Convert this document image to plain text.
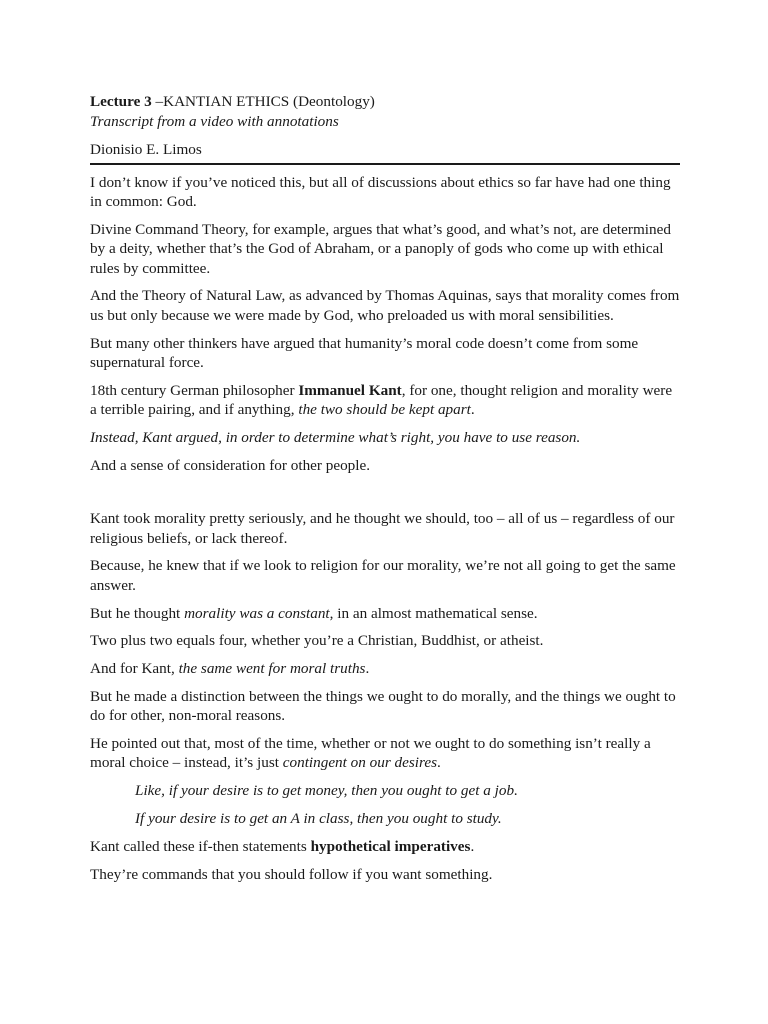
Lecture 3 –KANTIAN ETHICS (Deontology)
Transcript from a video with annotations
Dionisio E. Limos

I don’t know if you’ve noticed this, but all of discussions about ethics so far have had one thing in common: God.

Divine Command Theory, for example, argues that what’s good, and what’s not, are determined by a deity, whether that’s the God of Abraham, or a panoply of gods who come up with ethical rules by committee.

And the Theory of Natural Law, as advanced by Thomas Aquinas, says that morality comes from us but only because we were made by God, who preloaded us with moral sensibilities.

But many other thinkers have argued that humanity’s moral code doesn’t come from some supernatural force.

18th century German philosopher Immanuel Kant, for one, thought religion and morality were a terrible pairing, and if anything, the two should be kept apart.

Instead, Kant argued, in order to determine what’s right, you have to use reason.

And a sense of consideration for other people.

Kant took morality pretty seriously, and he thought we should, too – all of us – regardless of our religious beliefs, or lack thereof.

Because, he knew that if we look to religion for our morality, we’re not all going to get the same answer.

But he thought morality was a constant, in an almost mathematical sense.

Two plus two equals four, whether you’re a Christian, Buddhist, or atheist.

And for Kant, the same went for moral truths.

But he made a distinction between the things we ought to do morally, and the things we ought to do for other, non-moral reasons.

He pointed out that, most of the time, whether or not we ought to do something isn’t really a moral choice – instead, it’s just contingent on our desires.

Like, if your desire is to get money, then you ought to get a job.

If your desire is to get an A in class, then you ought to study.

Kant called these if-then statements hypothetical imperatives.

They’re commands that you should follow if you want something.
